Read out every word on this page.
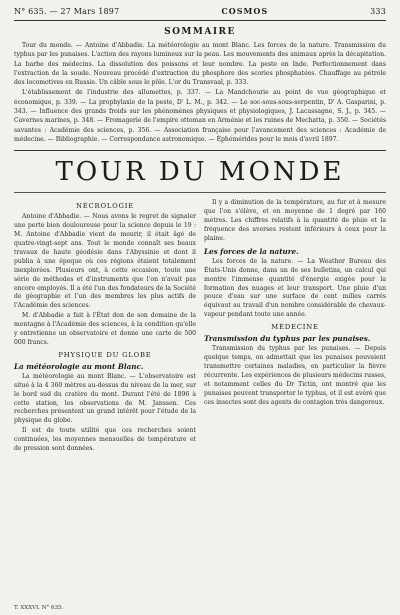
N° 635. — 27 Mars 1897	COSMOS	333
SOMMAIRE

Tour du monde. — Antoine d'Abbadie. La météorologie au mont Blanc. Les forces de la nature. Transmission du typhus par les punaises. L'action des rayons lumineux sur la peau. Les mouvements des animaux après la décapitation. La barbe des médecins. La dissolution des poissons et leur nombre. La peste en Inde. Perfectionnement dans l'extraction de la soude. Nouveau procédé d'extraction du phosphore des scories phosphatées. Chauffage au pétrole des locomotives en Russie. Un câble sous le pôle. L'or du Transvaal, p. 333.

L'établissement de l'industrie des allumettes, p. 337. — La Mandchourie au point de vue géographique et économique, p. 339. — La prophylaxie de la peste, D' L. M., p. 342. — Le soc-sous-sous-serpentin, D' A. Gasparini, p. 343. — Influence des grands froids sur les phénomènes physiques et physiologiques, J. Lacassagne, S. J., p. 345. — Cavernes marines, p. 348. — Fromagerie de l'empire ottoman en Arménie et les ruines de Mechatta, p. 350. — Sociétés savantes : Académie des sciences, p. 356. — Association française pour l'avancement des sciences : Académie de médecine. — Bibliographie. — Correspondance astronomique. — Éphémérides pour le mois d'avril 1897.

TOUR DU MONDE
NÉCROLOGIE

Antoine d'Abbadie. — Nous avons le regret de signaler une perte bien douloureuse pour la science depuis le 19 : M. Antoine d'Abbadie vient de mourir, il était âgé de quatre-vingt-sept ans. Tout le monde connaît ses beaux travaux de haute géodésie dans l'Abyssinie et dont il publia à une époque où ces régions étaient totalement inexplorées. Plusieurs ont, à cette occasion, toute une série de méthodes et d'instruments que l'on n'avait pas encore employés. Il a été l'un des fondateurs de la Société de géographie et l'un des membres les plus actifs de l'Académie des sciences.

M. d'Abbadie a fait à l'État don de son domaine de la montagne à l'Académie des sciences, à la condition qu'elle y entretienne un observatoire et donne une carte de 500 000 francs.

PHYSIQUE DU GLOBE
La météorologie au mont Blanc.

La météorologie au mont Blanc. — L'observatoire est situé à la 4 360 mètres au-dessus du niveau de la mer, sur le bord sud du cratère du mont. Durant l'été de 1896 à cette station, les observations de M. Janssen. Ces recherches présentent un grand intérêt pour l'étude de la physique du globe.

Il est de toute utilité que ces recherches soient continuées, les moyennes mensuelles de température et de pression sont données.

Il y a diminution de la température, au fur et à mesure que l'on s'élève, et en moyenne de 1 degré par 160 mètres. Les chiffres relatifs à la quantité de pluie et la fréquence des averses restent inférieurs à ceux pour la plaine.

Les forces de la nature.

Les forces de la nature. — La Weather Bureau des États-Unis donne, dans un de ses bulletins, un calcul qui montre l'immense quantité d'énergie exigée pour la formation des nuages et leur transport. Une pluie d'un pouce d'eau sur une surface de cent milles carrés équivaut au travail d'un nombre considérable de chevaux-vapeur pendant toute une année.

MÉDECINE
Transmission du typhus par les punaises.

Transmission du typhus par les punaises. — Depuis quelque temps, on admettait que les punaises pouvaient transmettre certaines maladies, en particulier la fièvre récurrente. Les expériences de plusieurs médecins russes, et notamment celles du Dr Tictin, ont montré que les punaises peuvent transporter le typhus, et il est avéré que ces insectes sont des agents de contagion très dangereux.

T. XXXVI. N° 635.
